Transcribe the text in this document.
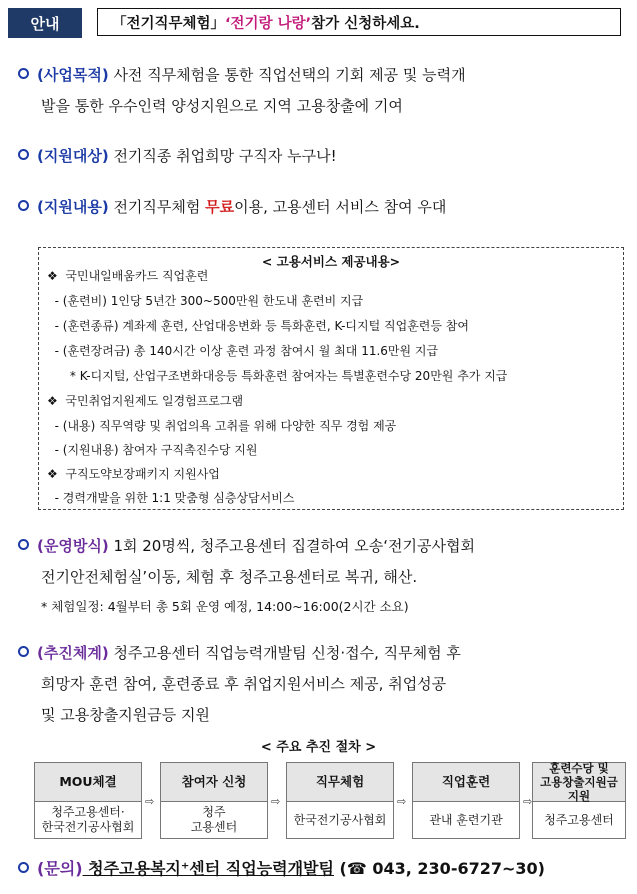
안내	「전기직무체험」 ‘전기랑 나랑’ 참가 신청하세요.
(사업목적) 사전 직무체험을 통한 직업선택의 기회 제공 및 능력개
발을 통한 우수인력 양성지원으로 지역 고용창출에 기여
(지원대상) 전기직종 취업희망 구직자 누구나!
(지원내용) 전기직무체험 무료이용, 고용센터 서비스 참여 우대
< 고용서비스 제공내용>
❖  국민내일배움카드 직업훈련
- (훈련비) 1인당 5년간 300~500만원 한도내 훈련비 지급
- (훈련종류) 계좌제 훈련, 산업대응변화 등 특화훈련, K-디지털 직업훈련등 참여
- (훈련장려금) 총 140시간 이상 훈련 과정 참여시 월 최대 11.6만원 지급
* K-디지털, 산업구조변화대응등 특화훈련 참여자는 특별훈련수당 20만원 추가 지급
❖  국민취업지원제도 일경험프로그램
- (내용) 직무역량 및 취업의욕 고취를 위해 다양한 직무 경험 제공
- (지원내용) 참여자 구직촉진수당 지원
❖  구직도약보장패키지 지원사업
- 경력개발을 위한 1:1 맞춤형 심층상담서비스
(운영방식) 1회 20명씩, 청주고용센터 집결하여 오송‘전기공사협회
전기안전체험실’이동, 체험 후 청주고용센터로 복귀, 해산.
* 체험일정: 4월부터 총 5회 운영 예정, 14:00~16:00(2시간 소요)
(추진체계) 청주고용센터 직업능력개발팀 신청·접수, 직무체험 후
희망자 훈련 참여, 훈련종료 후 취업지원서비스 제공, 취업성공
및 고용창출지원금등 지원
< 주요 추진 절차 >
MOU체결
청주고용센터·
한국전기공사협회
⇨
참여자 신청
청주
고용센터
⇨
직무체험
한국전기공사협회
⇨
직업훈련
관내 훈련기관
⇨
훈련수당 및
고용창출지원금 지원
청주고용센터
(문의) 청주고용복지⁺센터 직업능력개발팀 (☎ 043, 230-6727~30)
